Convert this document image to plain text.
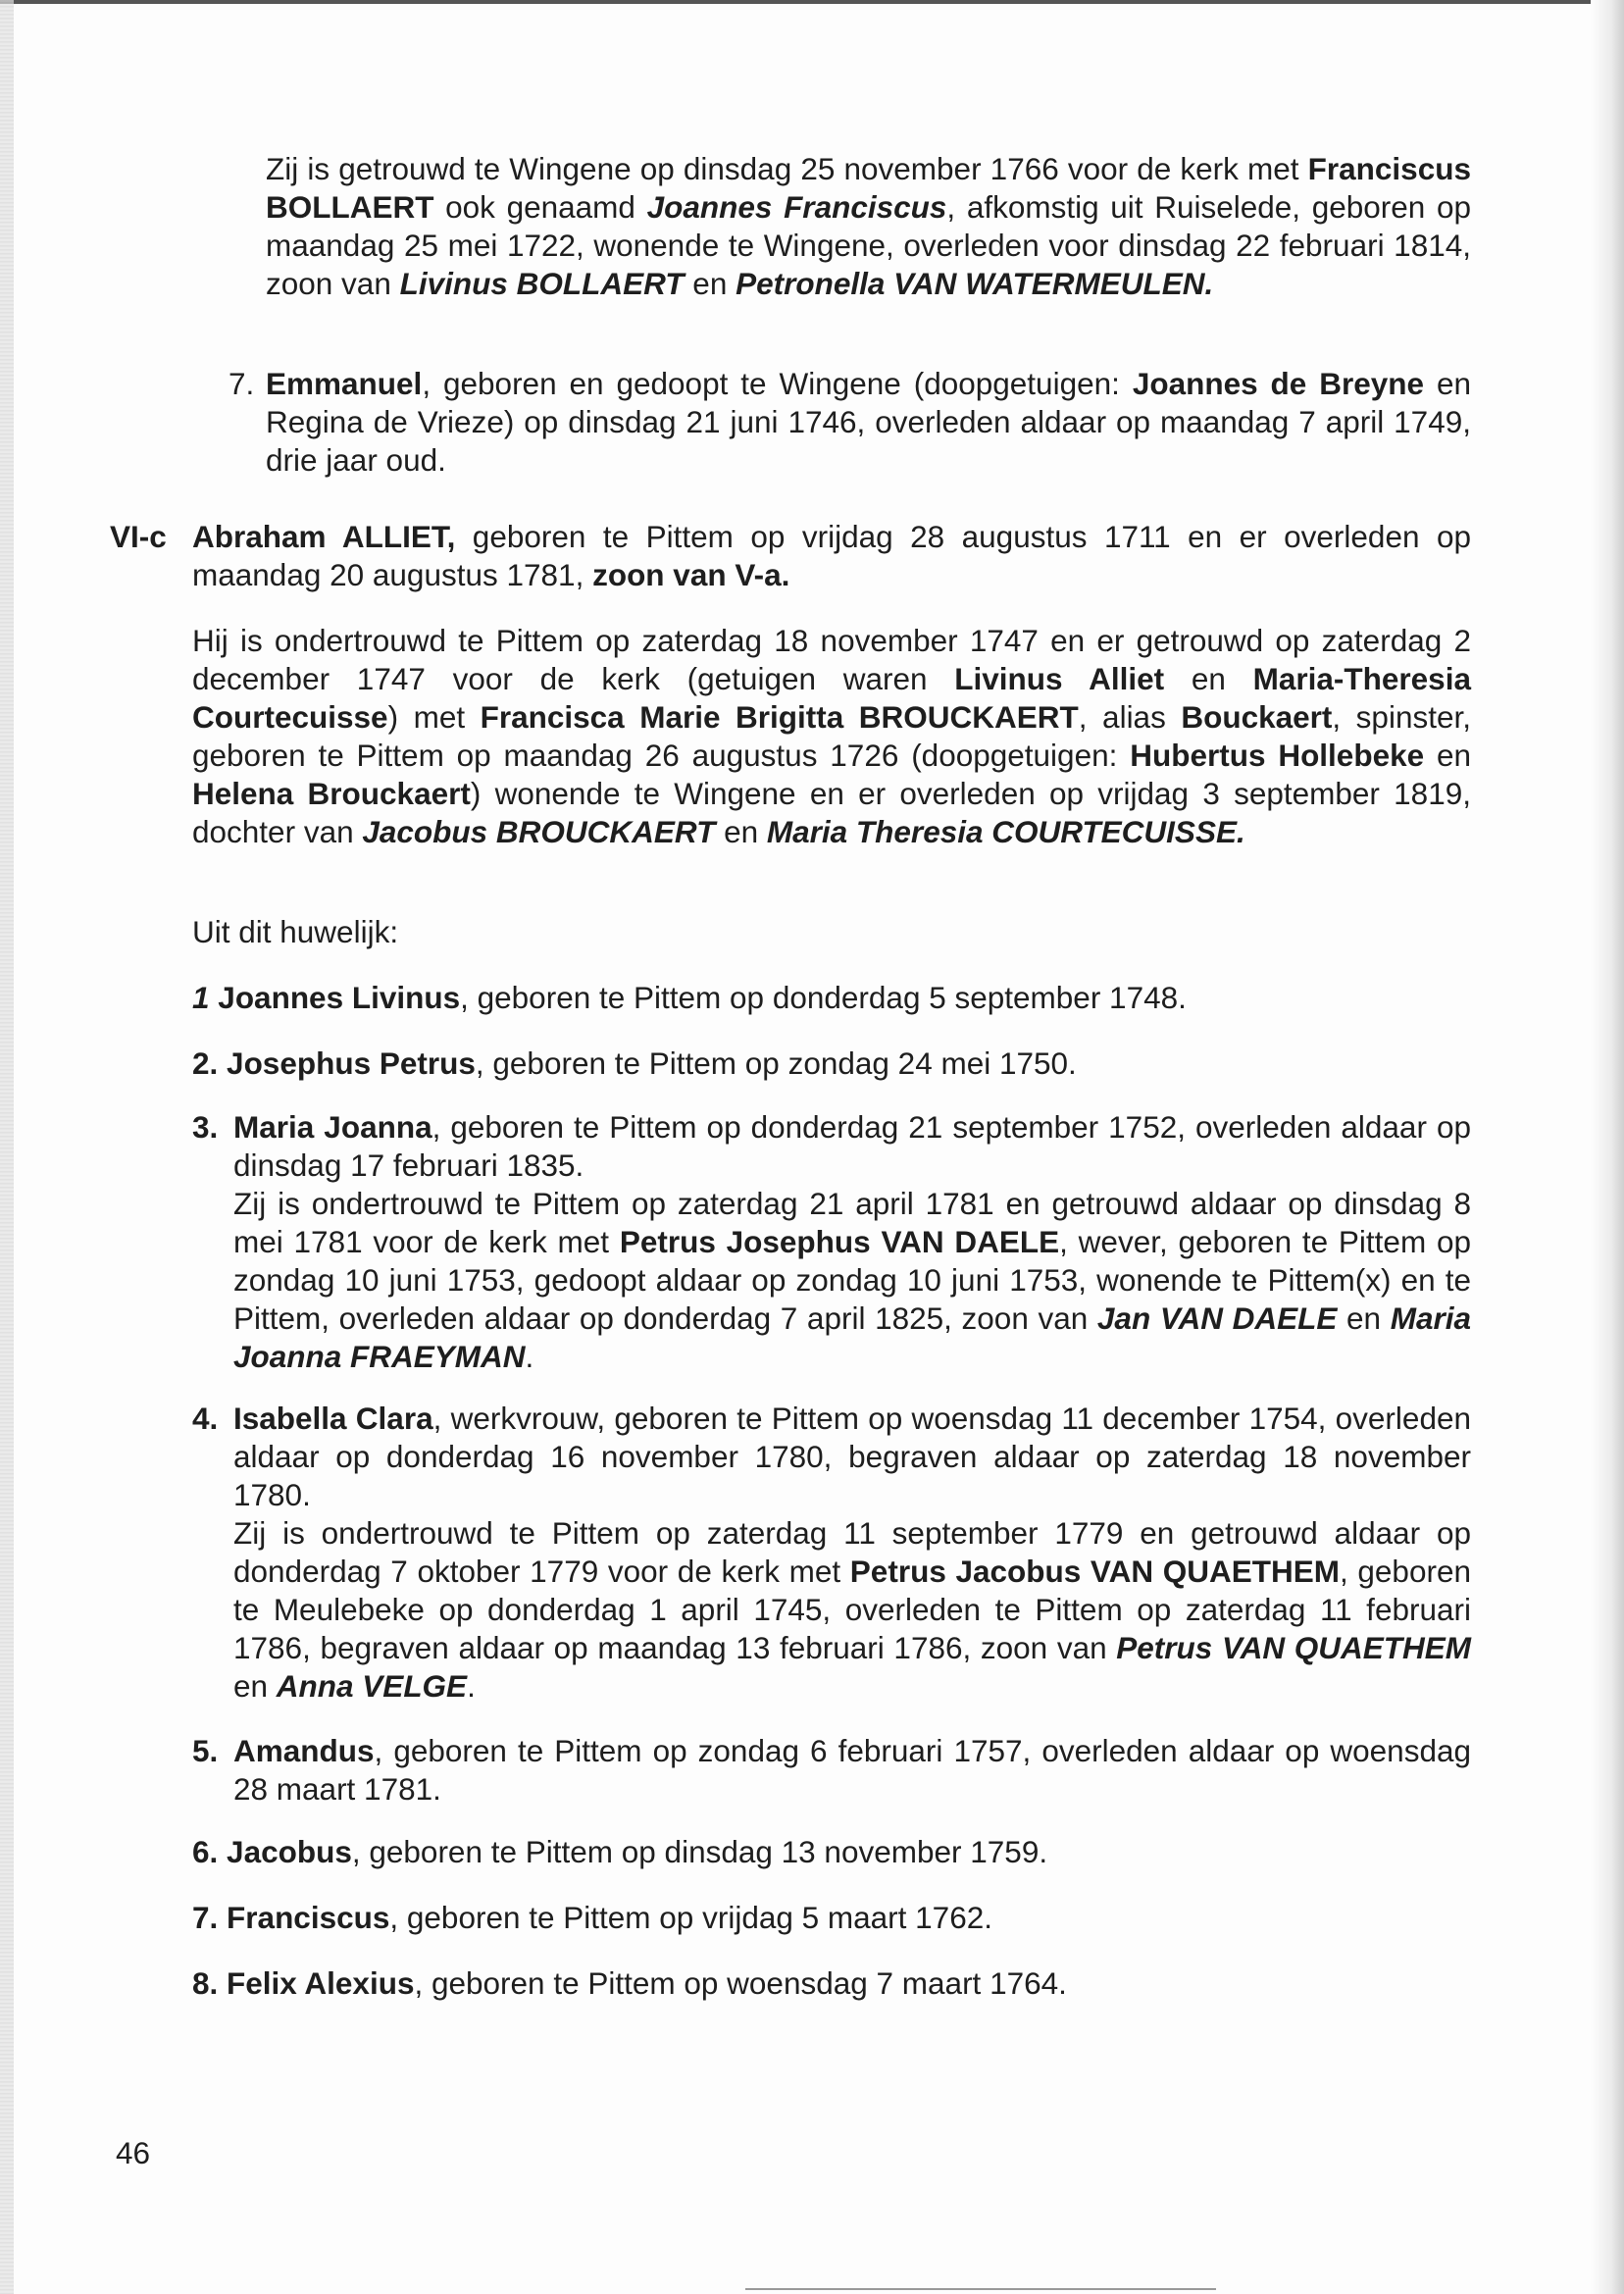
Zij is getrouwd te Wingene op dinsdag 25 november 1766 voor de kerk met Franciscus BOLLAERT ook genaamd Joannes Franciscus, afkomstig uit Ruiselede, geboren op maandag 25 mei 1722, wonende te Wingene, overleden voor dinsdag 22 februari 1814, zoon van Livinus BOLLAERT en Petronella VAN WATERMEULEN.
7. Emmanuel, geboren en gedoopt te Wingene (doopgetuigen: Joannes de Breyne en Regina de Vrieze) op dinsdag 21 juni 1746, overleden aldaar op maandag 7 april 1749, drie jaar oud.
VI-c Abraham ALLIET, geboren te Pittem op vrijdag 28 augustus 1711 en er overleden op maandag 20 augustus 1781, zoon van V-a.
Hij is ondertrouwd te Pittem op zaterdag 18 november 1747 en er getrouwd op zaterdag 2 december 1747 voor de kerk (getuigen waren Livinus Alliet en Maria-Theresia Courtecuisse) met Francisca Marie Brigitta BROUCKAERT, alias Bouckaert, spinster, geboren te Pittem op maandag 26 augustus 1726 (doopgetuigen: Hubertus Hollebeke en Helena Brouckaert) wonende te Wingene en er overleden op vrijdag 3 september 1819, dochter van Jacobus BROUCKAERT en Maria Theresia COURTECUISSE.
Uit dit huwelijk:
1 Joannes Livinus, geboren te Pittem op donderdag 5 september 1748.
2. Josephus Petrus, geboren te Pittem op zondag 24 mei 1750.
3. Maria Joanna, geboren te Pittem op donderdag 21 september 1752, overleden aldaar op dinsdag 17 februari 1835.
Zij is ondertrouwd te Pittem op zaterdag 21 april 1781 en getrouwd aldaar op dinsdag 8 mei 1781 voor de kerk met Petrus Josephus VAN DAELE, wever, geboren te Pittem op zondag 10 juni 1753, gedoopt aldaar op zondag 10 juni 1753, wonende te Pittem(x) en te Pittem, overleden aldaar op donderdag 7 april 1825, zoon van Jan VAN DAELE en Maria Joanna FRAEYMAN.
4. Isabella Clara, werkvrouw, geboren te Pittem op woensdag 11 december 1754, overleden aldaar op donderdag 16 november 1780, begraven aldaar op zaterdag 18 november 1780.
Zij is ondertrouwd te Pittem op zaterdag 11 september 1779 en getrouwd aldaar op donderdag 7 oktober 1779 voor de kerk met Petrus Jacobus VAN QUAETHEM, geboren te Meulebeke op donderdag 1 april 1745, overleden te Pittem op zaterdag 11 februari 1786, begraven aldaar op maandag 13 februari 1786, zoon van Petrus VAN QUAETHEM en Anna VELGE.
5. Amandus, geboren te Pittem op zondag 6 februari 1757, overleden aldaar op woensdag 28 maart 1781.
6. Jacobus, geboren te Pittem op dinsdag 13 november 1759.
7. Franciscus, geboren te Pittem op vrijdag 5 maart 1762.
8. Felix Alexius, geboren te Pittem op woensdag 7 maart 1764.
46
